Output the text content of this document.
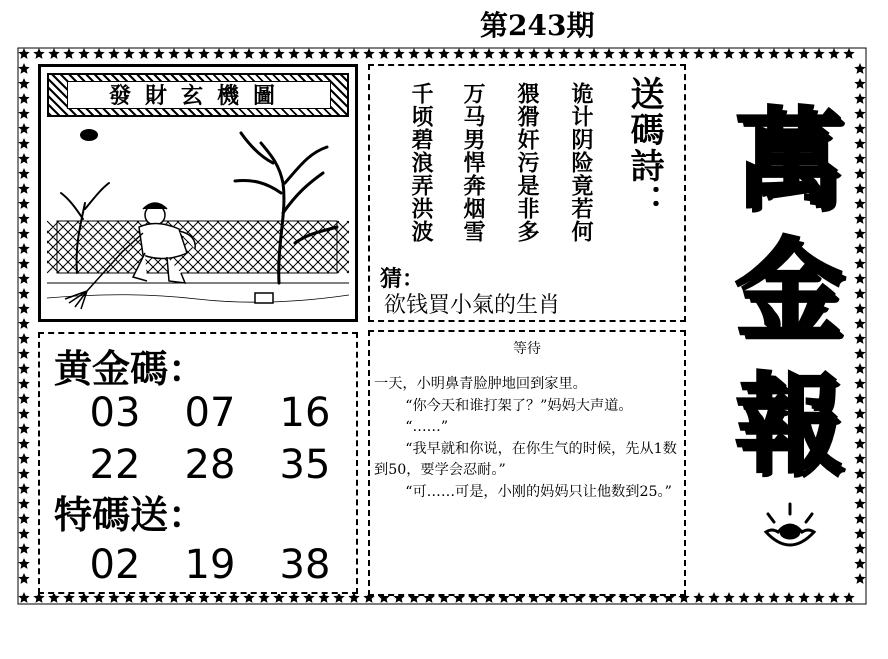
第243期
發財玄機圖	诡计阴险竟若何
猥猾奸污是非多
万马男悍奔烟雪
千顷碧浪弄洪波	送碼詩：
猜：
欲钱買小氣的生肖
萬
金
報
黄金碼：
03 07 16
22 28 35
特碼送：
02 19 38
等待

一天，小明鼻青脸肿地回到家里。

“你今天和谁打架了？”妈妈大声道。

“……”

“我早就和你说，在你生气的时候，先从1数到50，要学会忍耐。”

“可……可是，小刚的妈妈只让他数到25。”
